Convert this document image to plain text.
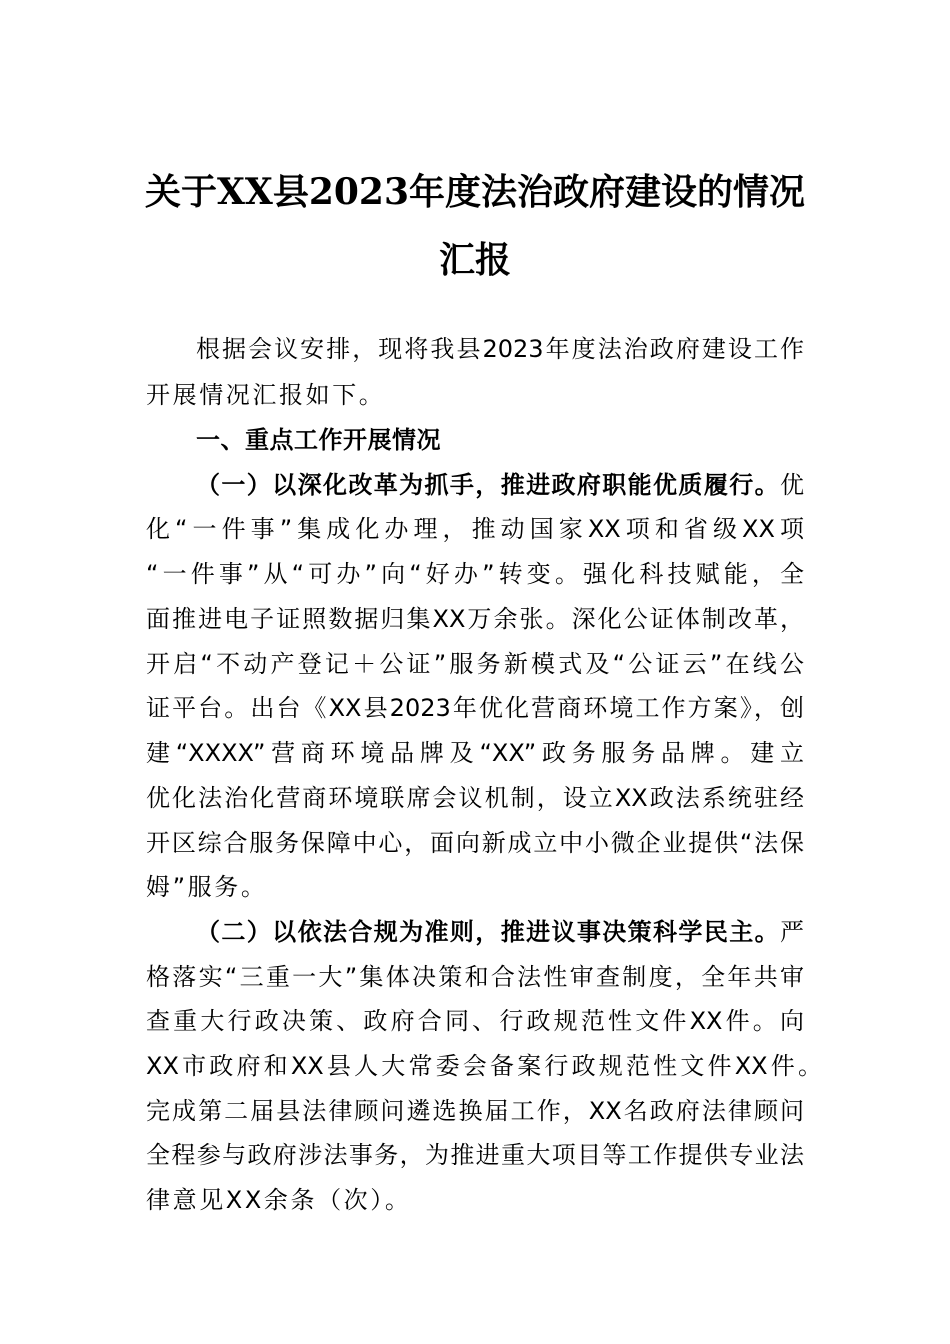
关于XX县2023年度法治政府建设的情况
汇报
根据会议安排，现将我县2023年度法治政府建设工作
开展情况汇报如下。
一、重点工作开展情况
（一）以深化改革为抓手，推进政府职能优质履行。优
化“一件事”集成化办理，推动国家XX项和省级XX项
“一件事”从“可办”向“好办”转变。强化科技赋能，全
面推进电子证照数据归集XX万余张。深化公证体制改革，
开启“不动产登记＋公证”服务新模式及“公证云”在线公
证平台。出台《XX县2023年优化营商环境工作方案》，创
建“XXXX”营商环境品牌及“XX”政务服务品牌。建立
优化法治化营商环境联席会议机制，设立XX政法系统驻经
开区综合服务保障中心，面向新成立中小微企业提供“法保
姆”服务。
（二）以依法合规为准则，推进议事决策科学民主。严
格落实“三重一大”集体决策和合法性审查制度，全年共审
查重大行政决策、政府合同、行政规范性文件XX件。向
XX市政府和XX县人大常委会备案行政规范性文件XX件。
完成第二届县法律顾问遴选换届工作，XX名政府法律顾问
全程参与政府涉法事务，为推进重大项目等工作提供专业法
律意见XX余条（次）。
